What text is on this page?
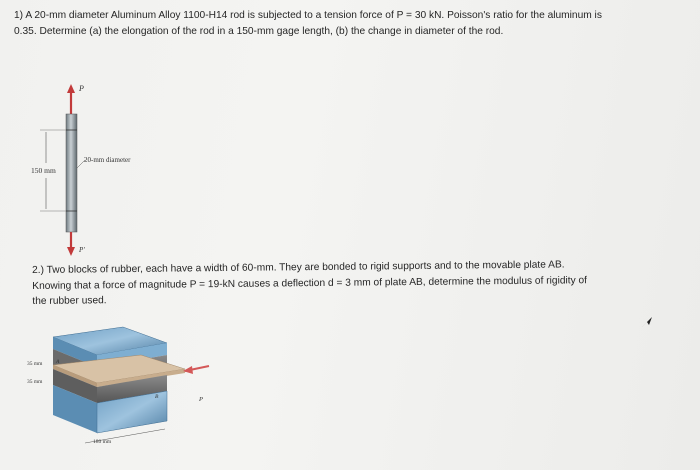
1) A 20-mm diameter Aluminum Alloy 1100-H14 rod is subjected to a tension force of P = 30 kN. Poisson's ratio for the aluminum is 0.35. Determine (a) the elongation of the rod in a 150-mm gage length, (b) the change in diameter of the rod.
P
150 mm
20-mm diameter
P'
2.) Two blocks of rubber, each have a width of 60-mm. They are bonded to rigid supports and to the movable plate AB. Knowing that a force of magnitude P = 19-kN causes a deflection d = 3 mm of plate AB, determine the modulus of rigidity of the rubber used.
P
35 mm
35 mm
A
B
180 mm
